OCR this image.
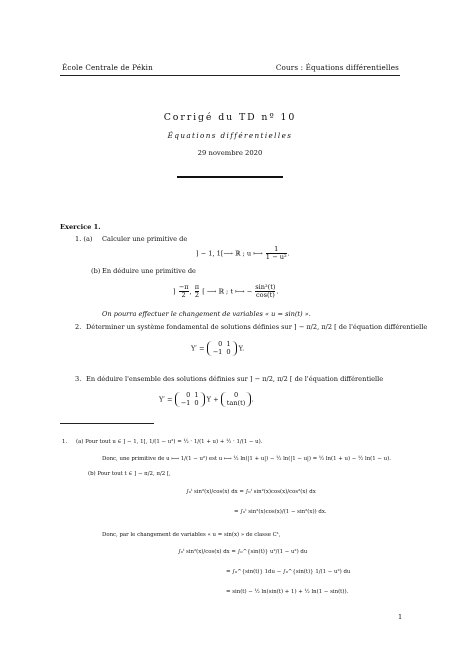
École Centrale de Pékin	Cours : Équations différentielles
Corrigé du TD nº 10
Équations différentielles
29 novembre 2020
Exercice 1.
1. (a) Calculer une primitive de
] − 1, 1[⟶ ℝ ; u ⟼ $\frac{1}{\text{1 − u²}}$ .
(b) En déduire une primitive de
] $\frac{-\pi}{2}$ , $\frac{\pi}{2}$ [ ⟶ ℝ ; t ⟼ − $\frac{\text{sin²(t)}}{\cos(t)}$ .
On pourra effectuer le changement de variables « u = sin(t) ».
2. Déterminer un système fondamental de solutions définies sur ] − π/2, π/2 [ de l'équation différentielle
Y′ =
0	1
−1	0 Y.
3. En déduire l'ensemble des solutions définies sur ] − π/2, π/2 [ de l'équation différentielle
Y′ =
0	1
−1	0 Y +
0
tan(t) .
1. (a) Pour tout u ∈ ] − 1, 1[, 1/(1 − u²) = ½ · 1/(1 + u) + ½ · 1/(1 − u).
Donc, une primitive de u ⟼ 1/(1 − u²) est u ⟼ ½ ln(|1 + u|) − ½ ln(|1 − u|) = ½ ln(1 + u) − ½ ln(1 − u).
(b) Pour tout t ∈ ] − π/2, π/2 [,
∫₀ᵗ sin²(x)/cos(x) dx = ∫₀ᵗ sin²(x)cos(x)/cos²(x) dx
= ∫₀ᵗ sin²(x)cos(x)/(1 − sin²(x)) dx.
Donc, par le changement de variables « u = sin(x) » de classe C¹,
∫₀ᵗ sin²(x)/cos(x) dx = ∫₀^{sin(t)} u²/(1 − u²) du
= ∫₀^{sin(t)} 1du − ∫₀^{sin(t)} 1/(1 − u²) du
= sin(t) − ½ ln(sin(t) + 1) + ½ ln(1 − sin(t)).
1
